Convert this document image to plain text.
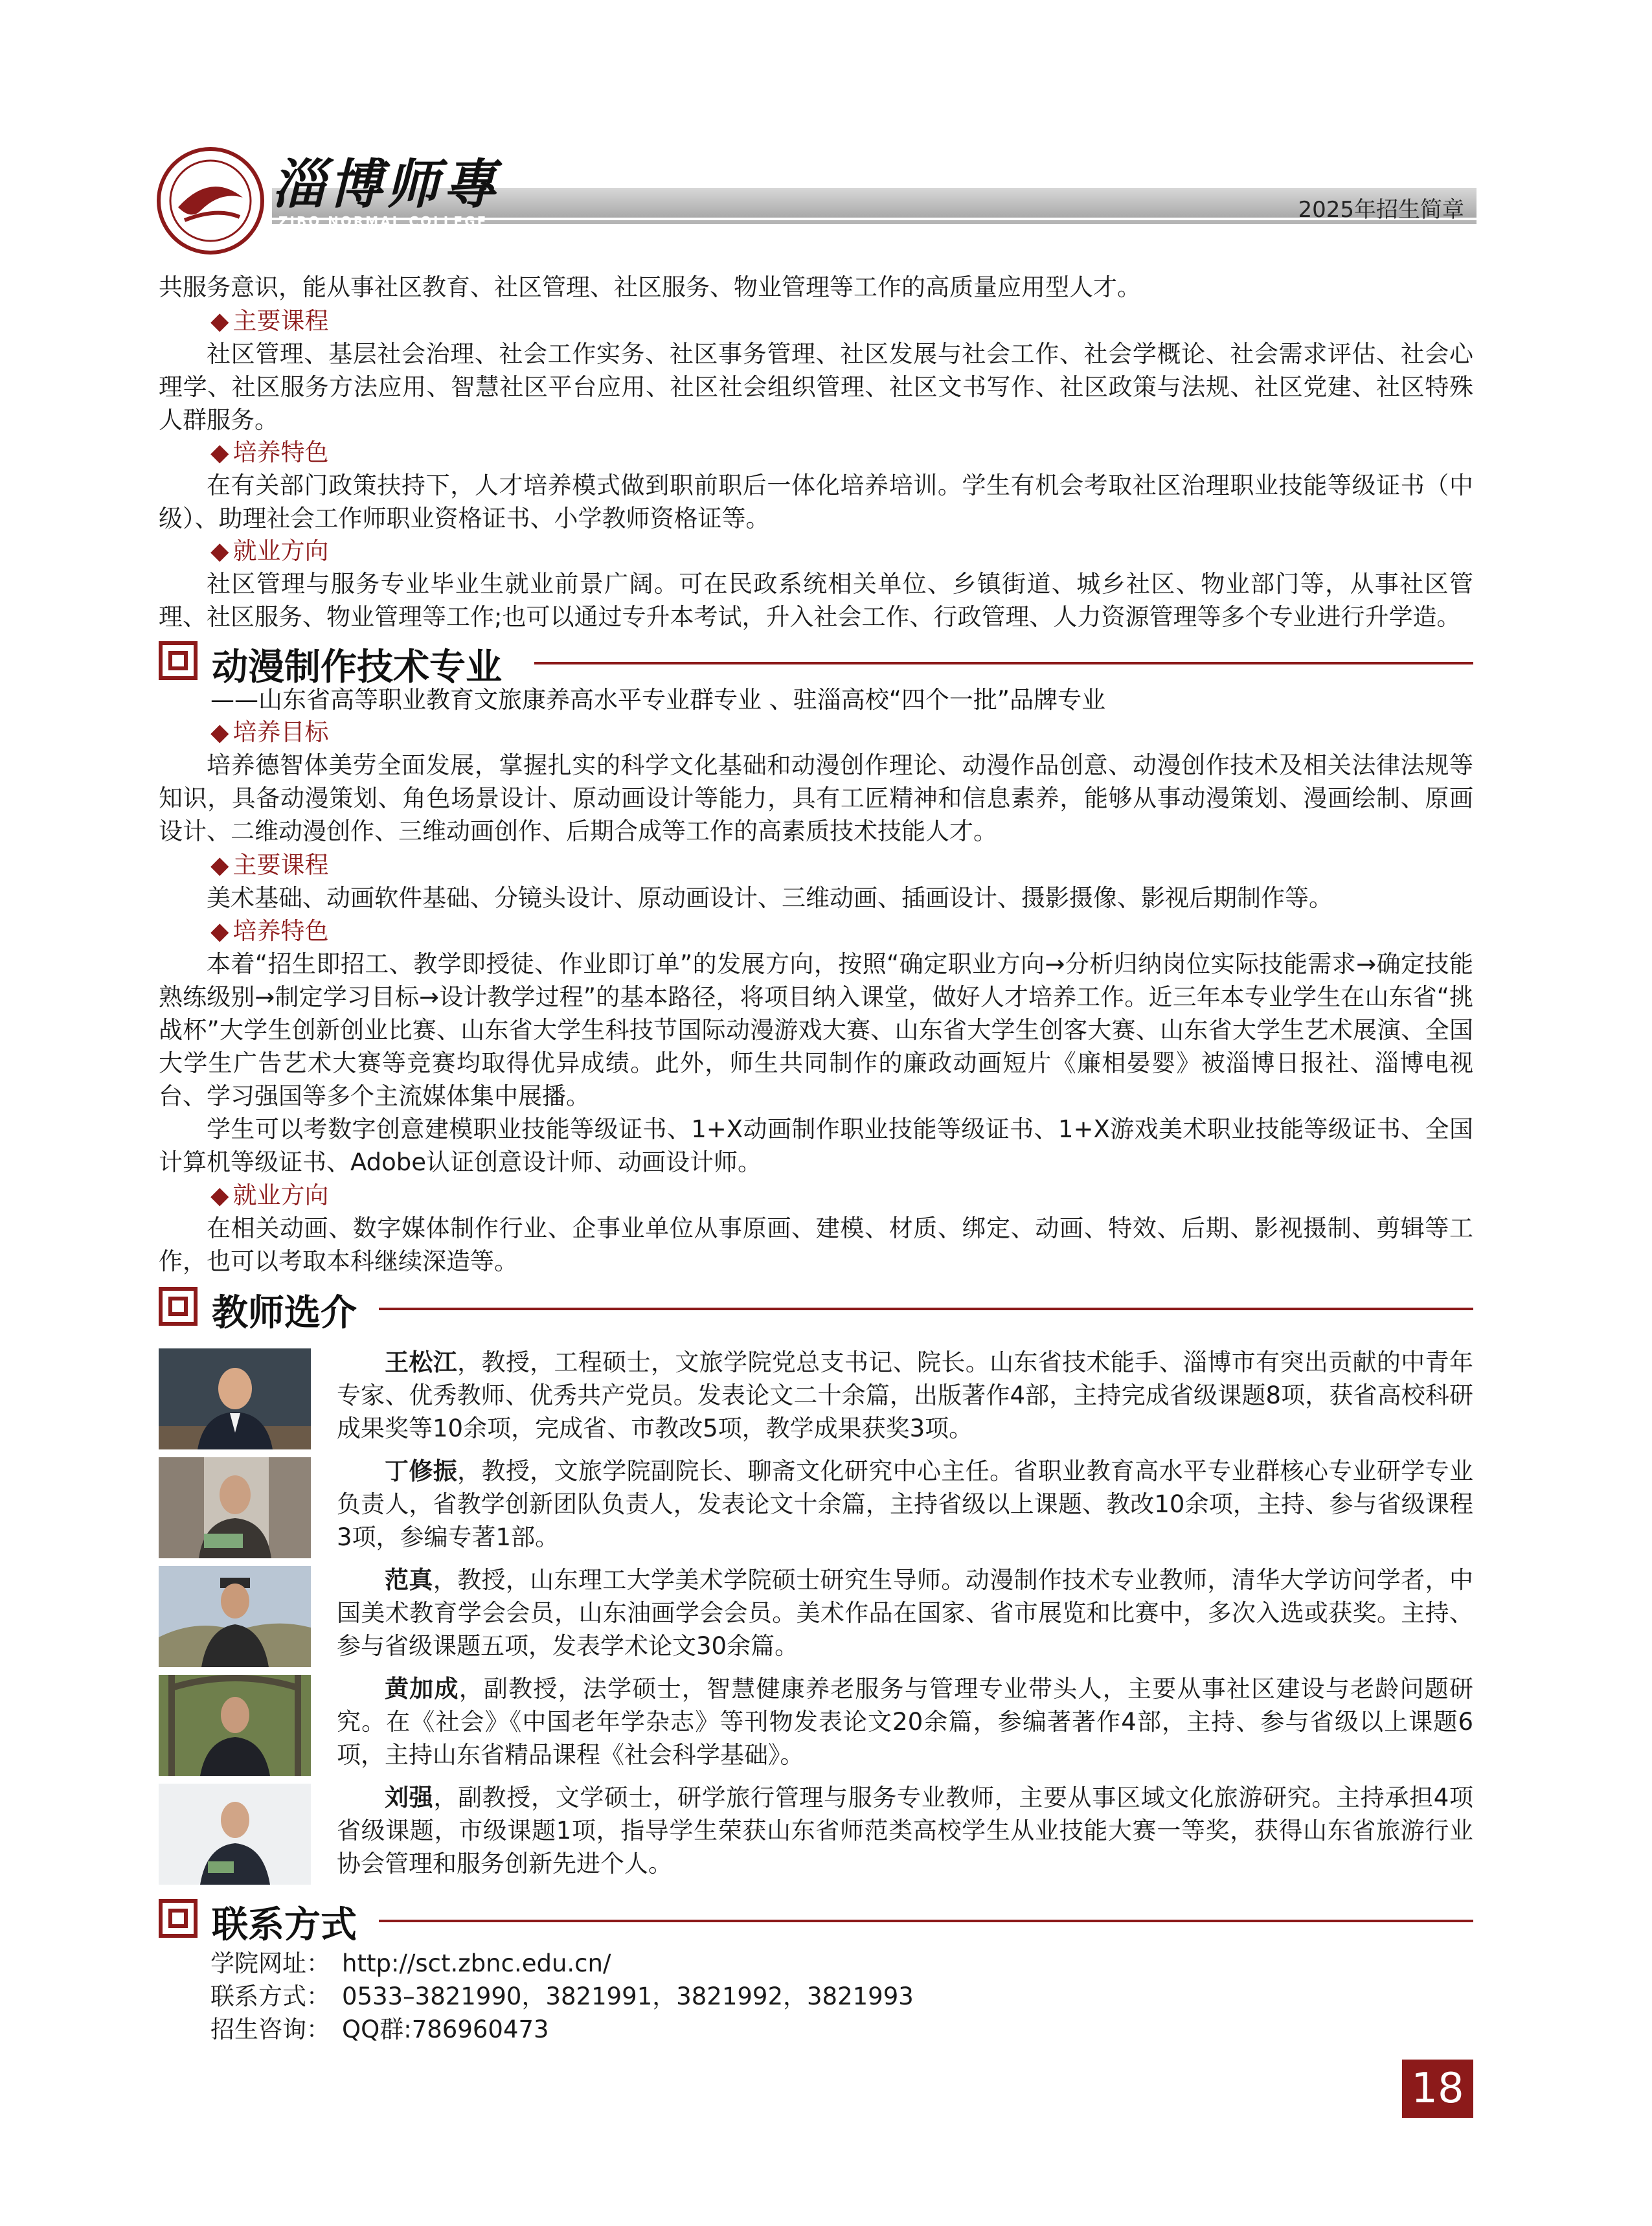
淄博师專
ZIBO NORMAL COLLEGE	2025年招生简章
共服务意识，能从事社区教育、社区管理、社区服务、物业管理等工作的高质量应用型人才。
◆ 主要课程
社区管理、基层社会治理、社会工作实务、社区事务管理、社区发展与社会工作、社会学概论、社会需求评估、社会心理学、社区服务方法应用、智慧社区平台应用、社区社会组织管理、社区文书写作、社区政策与法规、社区党建、社区特殊人群服务。
◆ 培养特色
在有关部门政策扶持下，人才培养模式做到职前职后一体化培养培训。学生有机会考取社区治理职业技能等级证书（中级）、助理社会工作师职业资格证书、小学教师资格证等。
◆ 就业方向
社区管理与服务专业毕业生就业前景广阔。可在民政系统相关单位、乡镇街道、城乡社区、物业部门等，从事社区管理、社区服务、物业管理等工作;也可以通过专升本考试，升入社会工作、行政管理、人力资源管理等多个专业进行升学造。
动漫制作技术专业
——山东省高等职业教育文旅康养高水平专业群专业 、驻淄高校“四个一批”品牌专业
◆ 培养目标
培养德智体美劳全面发展，掌握扎实的科学文化基础和动漫创作理论、动漫作品创意、动漫创作技术及相关法律法规等知识，具备动漫策划、角色场景设计、原动画设计等能力，具有工匠精神和信息素养，能够从事动漫策划、漫画绘制、原画设计、二维动漫创作、三维动画创作、后期合成等工作的高素质技术技能人才。
◆ 主要课程
美术基础、动画软件基础、分镜头设计、原动画设计、三维动画、插画设计、摄影摄像、影视后期制作等。
◆ 培养特色
本着“招生即招工、教学即授徒、作业即订单”的发展方向，按照“确定职业方向→分析归纳岗位实际技能需求→确定技能熟练级别→制定学习目标→设计教学过程”的基本路径，将项目纳入课堂，做好人才培养工作。近三年本专业学生在山东省“挑战杯”大学生创新创业比赛、山东省大学生科技节国际动漫游戏大赛、山东省大学生创客大赛、山东省大学生艺术展演、全国大学生广告艺术大赛等竞赛均取得优异成绩。此外，师生共同制作的廉政动画短片《廉相晏婴》被淄博日报社、淄博电视台、学习强国等多个主流媒体集中展播。
学生可以考数字创意建模职业技能等级证书、1+X动画制作职业技能等级证书、1+X游戏美术职业技能等级证书、全国计算机等级证书、Adobe认证创意设计师、动画设计师。
◆ 就业方向
在相关动画、数字媒体制作行业、企事业单位从事原画、建模、材质、绑定、动画、特效、后期、影视摄制、剪辑等工作，也可以考取本科继续深造等。
教师选介
王松江，教授，工程硕士，文旅学院党总支书记、院长。山东省技术能手、淄博市有突出贡献的中青年专家、优秀教师、优秀共产党员。发表论文二十余篇，出版著作4部，主持完成省级课题8项，获省高校科研成果奖等10余项，完成省、市教改5项，教学成果获奖3项。
丁修振，教授，文旅学院副院长、聊斋文化研究中心主任。省职业教育高水平专业群核心专业研学专业负责人，省教学创新团队负责人，发表论文十余篇，主持省级以上课题、教改10余项，主持、参与省级课程3项，参编专著1部。
范真，教授，山东理工大学美术学院硕士研究生导师。动漫制作技术专业教师，清华大学访问学者，中国美术教育学会会员，山东油画学会会员。美术作品在国家、省市展览和比赛中，多次入选或获奖。主持、参与省级课题五项，发表学术论文30余篇。
黄加成，副教授，法学硕士，智慧健康养老服务与管理专业带头人，主要从事社区建设与老龄问题研究。在《社会》《中国老年学杂志》等刊物发表论文20余篇，参编著著作4部，主持、参与省级以上课题6项，主持山东省精品课程《社会科学基础》。
刘强，副教授，文学硕士，研学旅行管理与服务专业教师，主要从事区域文化旅游研究。主持承担4项省级课题，市级课题1项，指导学生荣获山东省师范类高校学生从业技能大赛一等奖，获得山东省旅游行业协会管理和服务创新先进个人。
联系方式
学院网址： http://sct.zbnc.edu.cn/
联系方式： 0533–3821990，3821991，3821992，3821993
招生咨询： QQ群:786960473
18
